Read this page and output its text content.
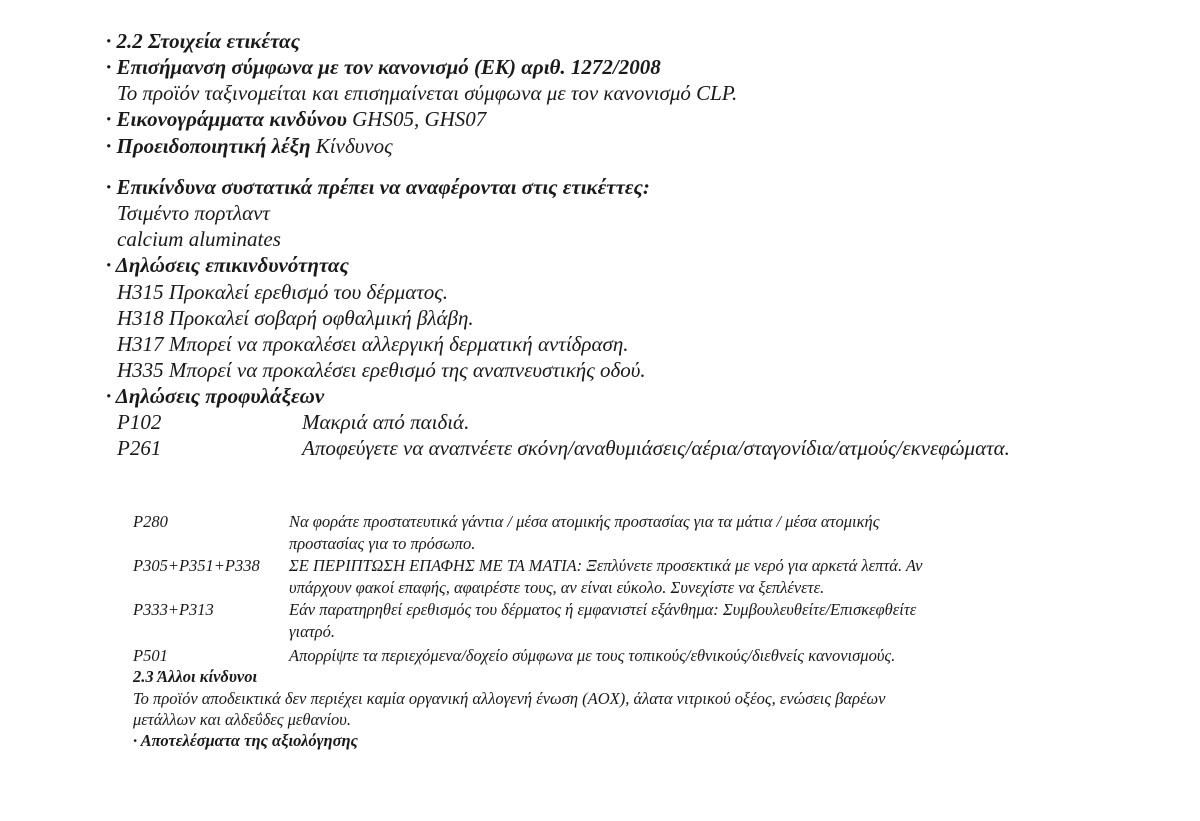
· 2.2 Στοιχεία ετικέτας
· Επισήμανση σύμφωνα με τον κανονισμό (ΕΚ) αριθ. 1272/2008
Το προϊόν ταξινομείται και επισημαίνεται σύμφωνα με τον κανονισμό CLP.
· Εικονογράμματα κινδύνου GHS05, GHS07
· Προειδοποιητική λέξη Κίνδυνος
· Επικίνδυνα συστατικά πρέπει να αναφέρονται στις ετικέττες:
Τσιμέντο πορτλαντ
calcium aluminates
· Δηλώσεις επικινδυνότητας
H315 Προκαλεί ερεθισμό του δέρματος.
H318 Προκαλεί σοβαρή οφθαλμική βλάβη.
H317 Μπορεί να προκαλέσει αλλεργική δερματική αντίδραση.
H335 Μπορεί να προκαλέσει ερεθισμό της αναπνευστικής οδού.
· Δηλώσεις προφυλάξεων
P102	Μακριά από παιδιά.
P261	Αποφεύγετε να αναπνέετε σκόνη/αναθυμιάσεις/αέρια/σταγονίδια/ατμούς/εκνεφώματα.
P280	Να φοράτε προστατευτικά γάντια / μέσα ατομικής προστασίας για τα μάτια / μέσα ατομικής
προστασίας για το πρόσωπο.
P305+P351+P338 ΣΕ ΠΕΡΙΠΤΩΣΗ ΕΠΑΦΗΣ ΜΕ ΤΑ ΜΑΤΙΑ: Ξεπλύνετε προσεκτικά με νερό για αρκετά λεπτά. Αν
υπάρχουν φακοί επαφής, αφαιρέστε τους, αν είναι εύκολο. Συνεχίστε να ξεπλένετε.
P333+P313	Εάν παρατηρηθεί ερεθισμός του δέρματος ή εμφανιστεί εξάνθημα: Συμβουλευθείτε/Επισκεφθείτε
γιατρό.
P501	Απορρίψτε τα περιεχόμενα/δοχείο σύμφωνα με τους τοπικούς/εθνικούς/διεθνείς κανονισμούς.
2.3 Άλλοι κίνδυνοι
Το προϊόν αποδεικτικά δεν περιέχει καμία οργανική αλλογενή ένωση (AOX), άλατα νιτρικού οξέος, ενώσεις βαρέων
μετάλλων και αλδεΰδες μεθανίου.
· Αποτελέσματα της αξιολόγησης
